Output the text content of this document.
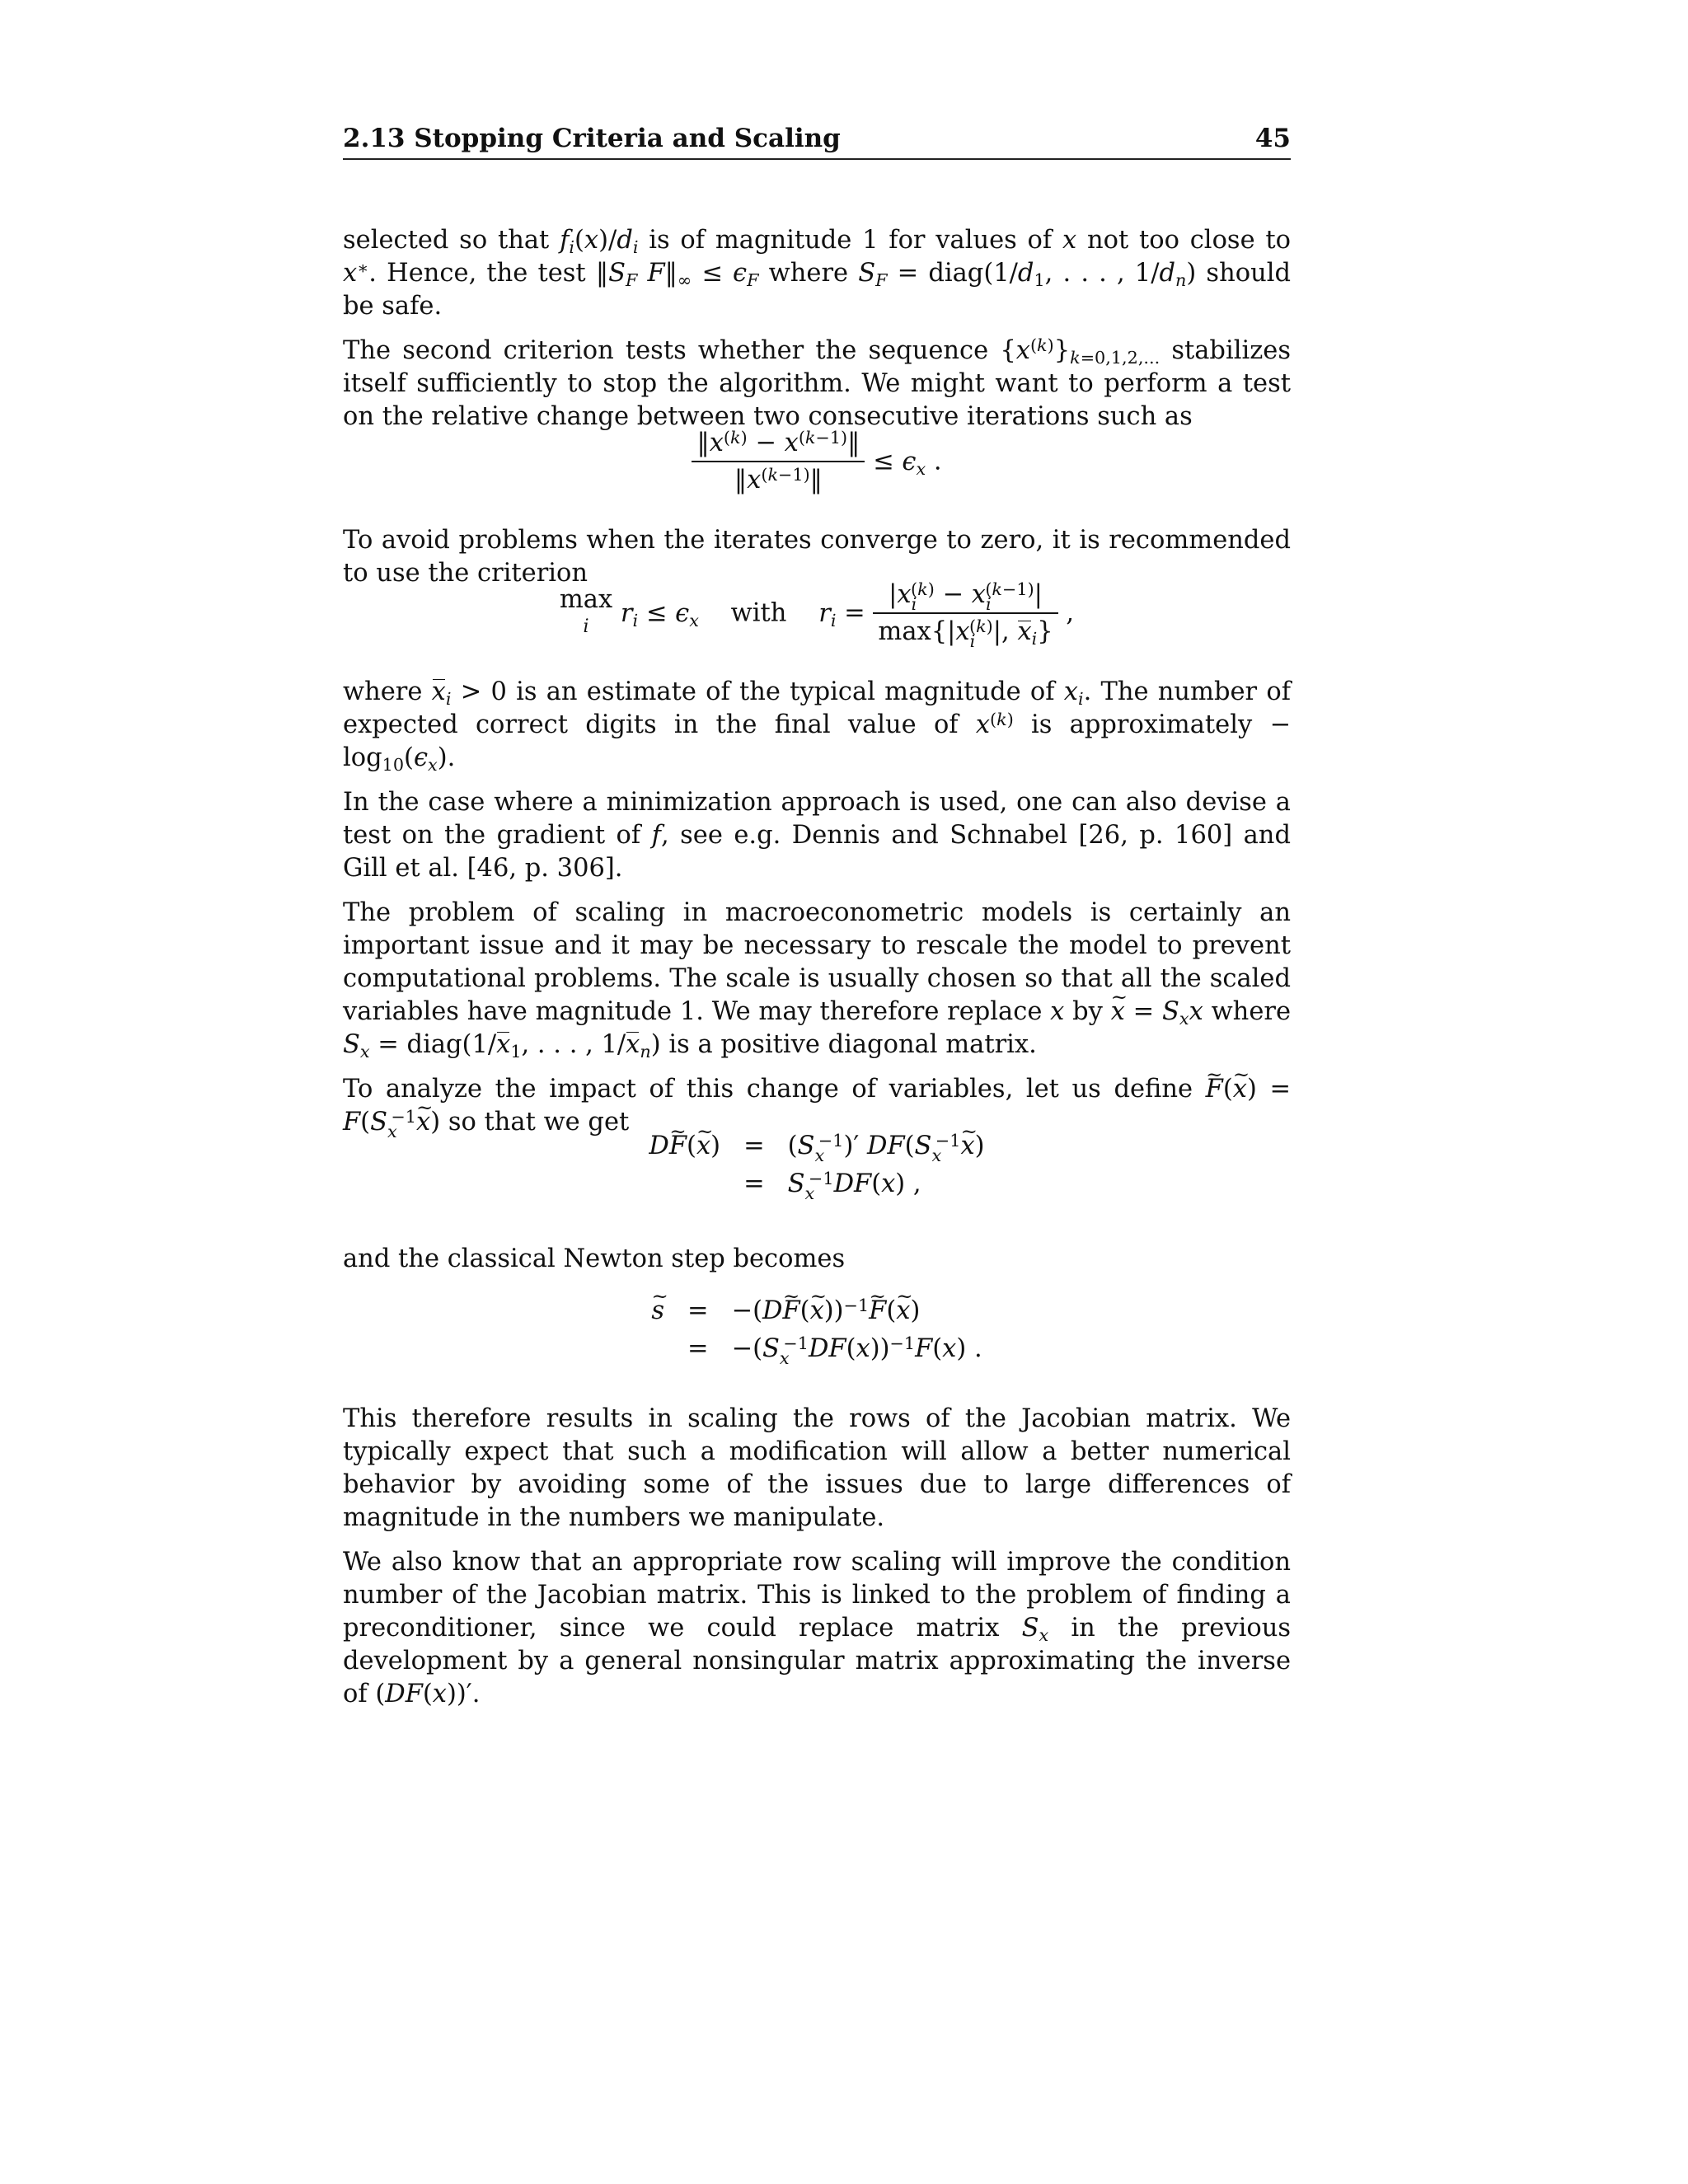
2.13 Stopping Criteria and Scaling	45

selected so that $f_i(x)/d_i$ is of magnitude 1 for values of x not too close to x∗. Hence, the test $‖S_F$ $F‖_\infty \le \epsilon_F$ where $S_F$ = $diag(1/d_1$, . . . , $1/d_n$) should be safe.

The second criterion tests whether the sequence $\{x^{(k)}\}_{k=0,1,2,...}$ stabilizes itself sufficiently to stop the algorithm. We might want to perform a test on the relative change between two consecutive iterations such as

$\frac{‖x^{(k)} - x^{(k-1)}‖}{‖x^{(k-1)}‖} \le \epsilon_x$ .

To avoid problems when the iterates converge to zero, it is recommended to use the criterion

max
i $r_i \le \epsilon_x$ with $r_i = \frac{|x_i^{(k)} - x_i^{(k-1)}|}{\max\{|x_i^{(k)}|, x_i\}}$ ,

where $x_i > 0$ is an estimate of the typical magnitude of $x_i$. The number of expected correct digits in the final value of $x^{(k)}$ is approximately − $\log_{10}(\epsilon_x)$.

In the case where a minimization approach is used, one can also devise a test on the gradient of f, see e.g. Dennis and Schnabel [26, p. 160] and Gill et al. [46, p. 306].

The problem of scaling in macroeconometric models is certainly an important issue and it may be necessary to rescale the model to prevent computational problems. The scale is usually chosen so that all the scaled variables have magnitude 1. We may therefore replace x by ~ $x = S_xx$ where $S_x$ = $diag(1/x_1$, . . . , $1/x_n$) is a positive diagonal matrix.

To analyze the impact of this change of variables, let us define ~ F(~ $x) = F(S_x^{-1}\sim$ x) so that we get

D~ F(~ x)	=	$(S_x^{-1})'$ $DF(S_x^{-1}\sim$ x)
	=	$S_x^{-1}DF(x)$ ,

and the classical Newton step becomes

~ s	=	−(D~ F(~ x))$^{-1}$~ F(~ x)
	=	$-(S_x^{-1}DF(x))^{-1}F(x)$ .

This therefore results in scaling the rows of the Jacobian matrix. We typically expect that such a modification will allow a better numerical behavior by avoiding some of the issues due to large differences of magnitude in the numbers we manipulate.

We also know that an appropriate row scaling will improve the condition number of the Jacobian matrix. This is linked to the problem of finding a preconditioner, since we could replace matrix $S_x$ in the previous development by a general nonsingular matrix approximating the inverse of (DF(x))′.
